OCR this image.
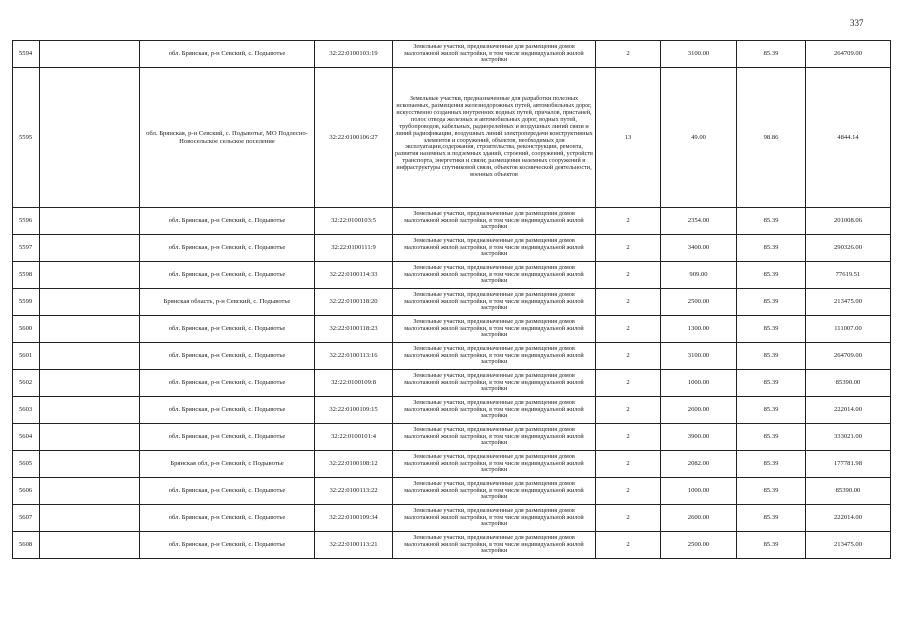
337
5594		обл. Брянская, р-н Севский, с. Подывотье	32:22:0100103:19	Земельные участки, предназначенные для размещения домов малоэтажной жилой застройки, в том числе индивидуальной жилой застройки	2	3100.00	85.39	264709.00
5595		обл. Брянская, р-н Севский, с. Подывотье, МО Подлесно-Новосельское сельское поселение	32:22:0100106:27	Земельные участки, предназначенные для разработки полезных ископаемых, размещения железнодорожных путей, автомобильных дорог, искусственно созданных внутренних водных путей, причалов, пристаней, полос отвода железных и автомобильных дорог, водных путей, трубопроводов, кабельных, радиорелейных и воздушных линий связи и линий радиофикации, воздушных линий электропередачи конструктивных элементов и сооружений, объектов, необходимых для эксплуатации,содержания, строительства, реконструкции, ремонта, развития наземных и подземных зданий, строений, сооружений, устройств транспорта, энергетики и связи; размещения наземных сооружений и инфраструктуры спутниковой связи, объектов космической деятельности, военных объектов	13	49.00	98.86	4844.14
5596		обл. Брянская, р-н Севский, с. Подывотье	32:22:0100103:5	Земельные участки, предназначенные для размещения домов малоэтажной жилой застройки, в том числе индивидуальной жилой застройки	2	2354.00	85.39	201008.06
5597		обл. Брянская, р-н Севский, с. Подывотье	32:22:0100111:9	Земельные участки, предназначенные для размещения домов малоэтажной жилой застройки, в том числе индивидуальной жилой застройки	2	3400.00	85.39	290326.00
5598		обл. Брянская, р-н Севский, с. Подывотье	32:22:0100114:33	Земельные участки, предназначенные для размещения домов малоэтажной жилой застройки, в том числе индивидуальной жилой застройки	2	909.00	85.39	77619.51
5599		Брянская область, р-н Севский, с. Подывотье	32:22:0100118:20	Земельные участки, предназначенные для размещения домов малоэтажной жилой застройки, в том числе индивидуальной жилой застройки	2	2500.00	85.39	213475.00
5600		обл. Брянская, р-н Севский, с. Подывотье	32:22:0100118:23	Земельные участки, предназначенные для размещения домов малоэтажной жилой застройки, в том числе индивидуальной жилой застройки	2	1300.00	85.39	111007.00
5601		обл. Брянская, р-н Севский, с. Подывотье	32:22:0100113:16	Земельные участки, предназначенные для размещения домов малоэтажной жилой застройки, в том числе индивидуальной жилой застройки	2	3100.00	85.39	264709.00
5602		обл. Брянская, р-н Севский, с. Подывотье	32:22:0100109:8	Земельные участки, предназначенные для размещения домов малоэтажной жилой застройки, в том числе индивидуальной жилой застройки	2	1000.00	85.39	85390.00
5603		обл. Брянская, р-н Севский, с. Подывотье	32:22:0100109:15	Земельные участки, предназначенные для размещения домов малоэтажной жилой застройки, в том числе индивидуальной жилой застройки	2	2600.00	85.39	222014.00
5604		обл. Брянская, р-н Севский, с. Подывотье	32:22:0100101:4	Земельные участки, предназначенные для размещения домов малоэтажной жилой застройки, в том числе индивидуальной жилой застройки	2	3900.00	85.39	333021.00
5605		Брянская обл, р-н Севский, с Подывотье	32:22:0100108:12	Земельные участки, предназначенные для размещения домов малоэтажной жилой застройки, в том числе индивидуальной жилой застройки	2	2082.00	85.39	177781.98
5606		обл. Брянская, р-н Севский, с. Подывотье	32:22:0100113:22	Земельные участки, предназначенные для размещения домов малоэтажной жилой застройки, в том числе индивидуальной жилой застройки	2	1000.00	85.39	85390.00
5607		обл. Брянская, р-н Севский, с. Подывотье	32:22:0100109:34	Земельные участки, предназначенные для размещения домов малоэтажной жилой застройки, в том числе индивидуальной жилой застройки	2	2600.00	85.39	222014.00
5608		обл. Брянская, р-н Севский, с. Подывотье	32:22:0100113:21	Земельные участки, предназначенные для размещения домов малоэтажной жилой застройки, в том числе индивидуальной жилой застройки	2	2500.00	85.39	213475.00
